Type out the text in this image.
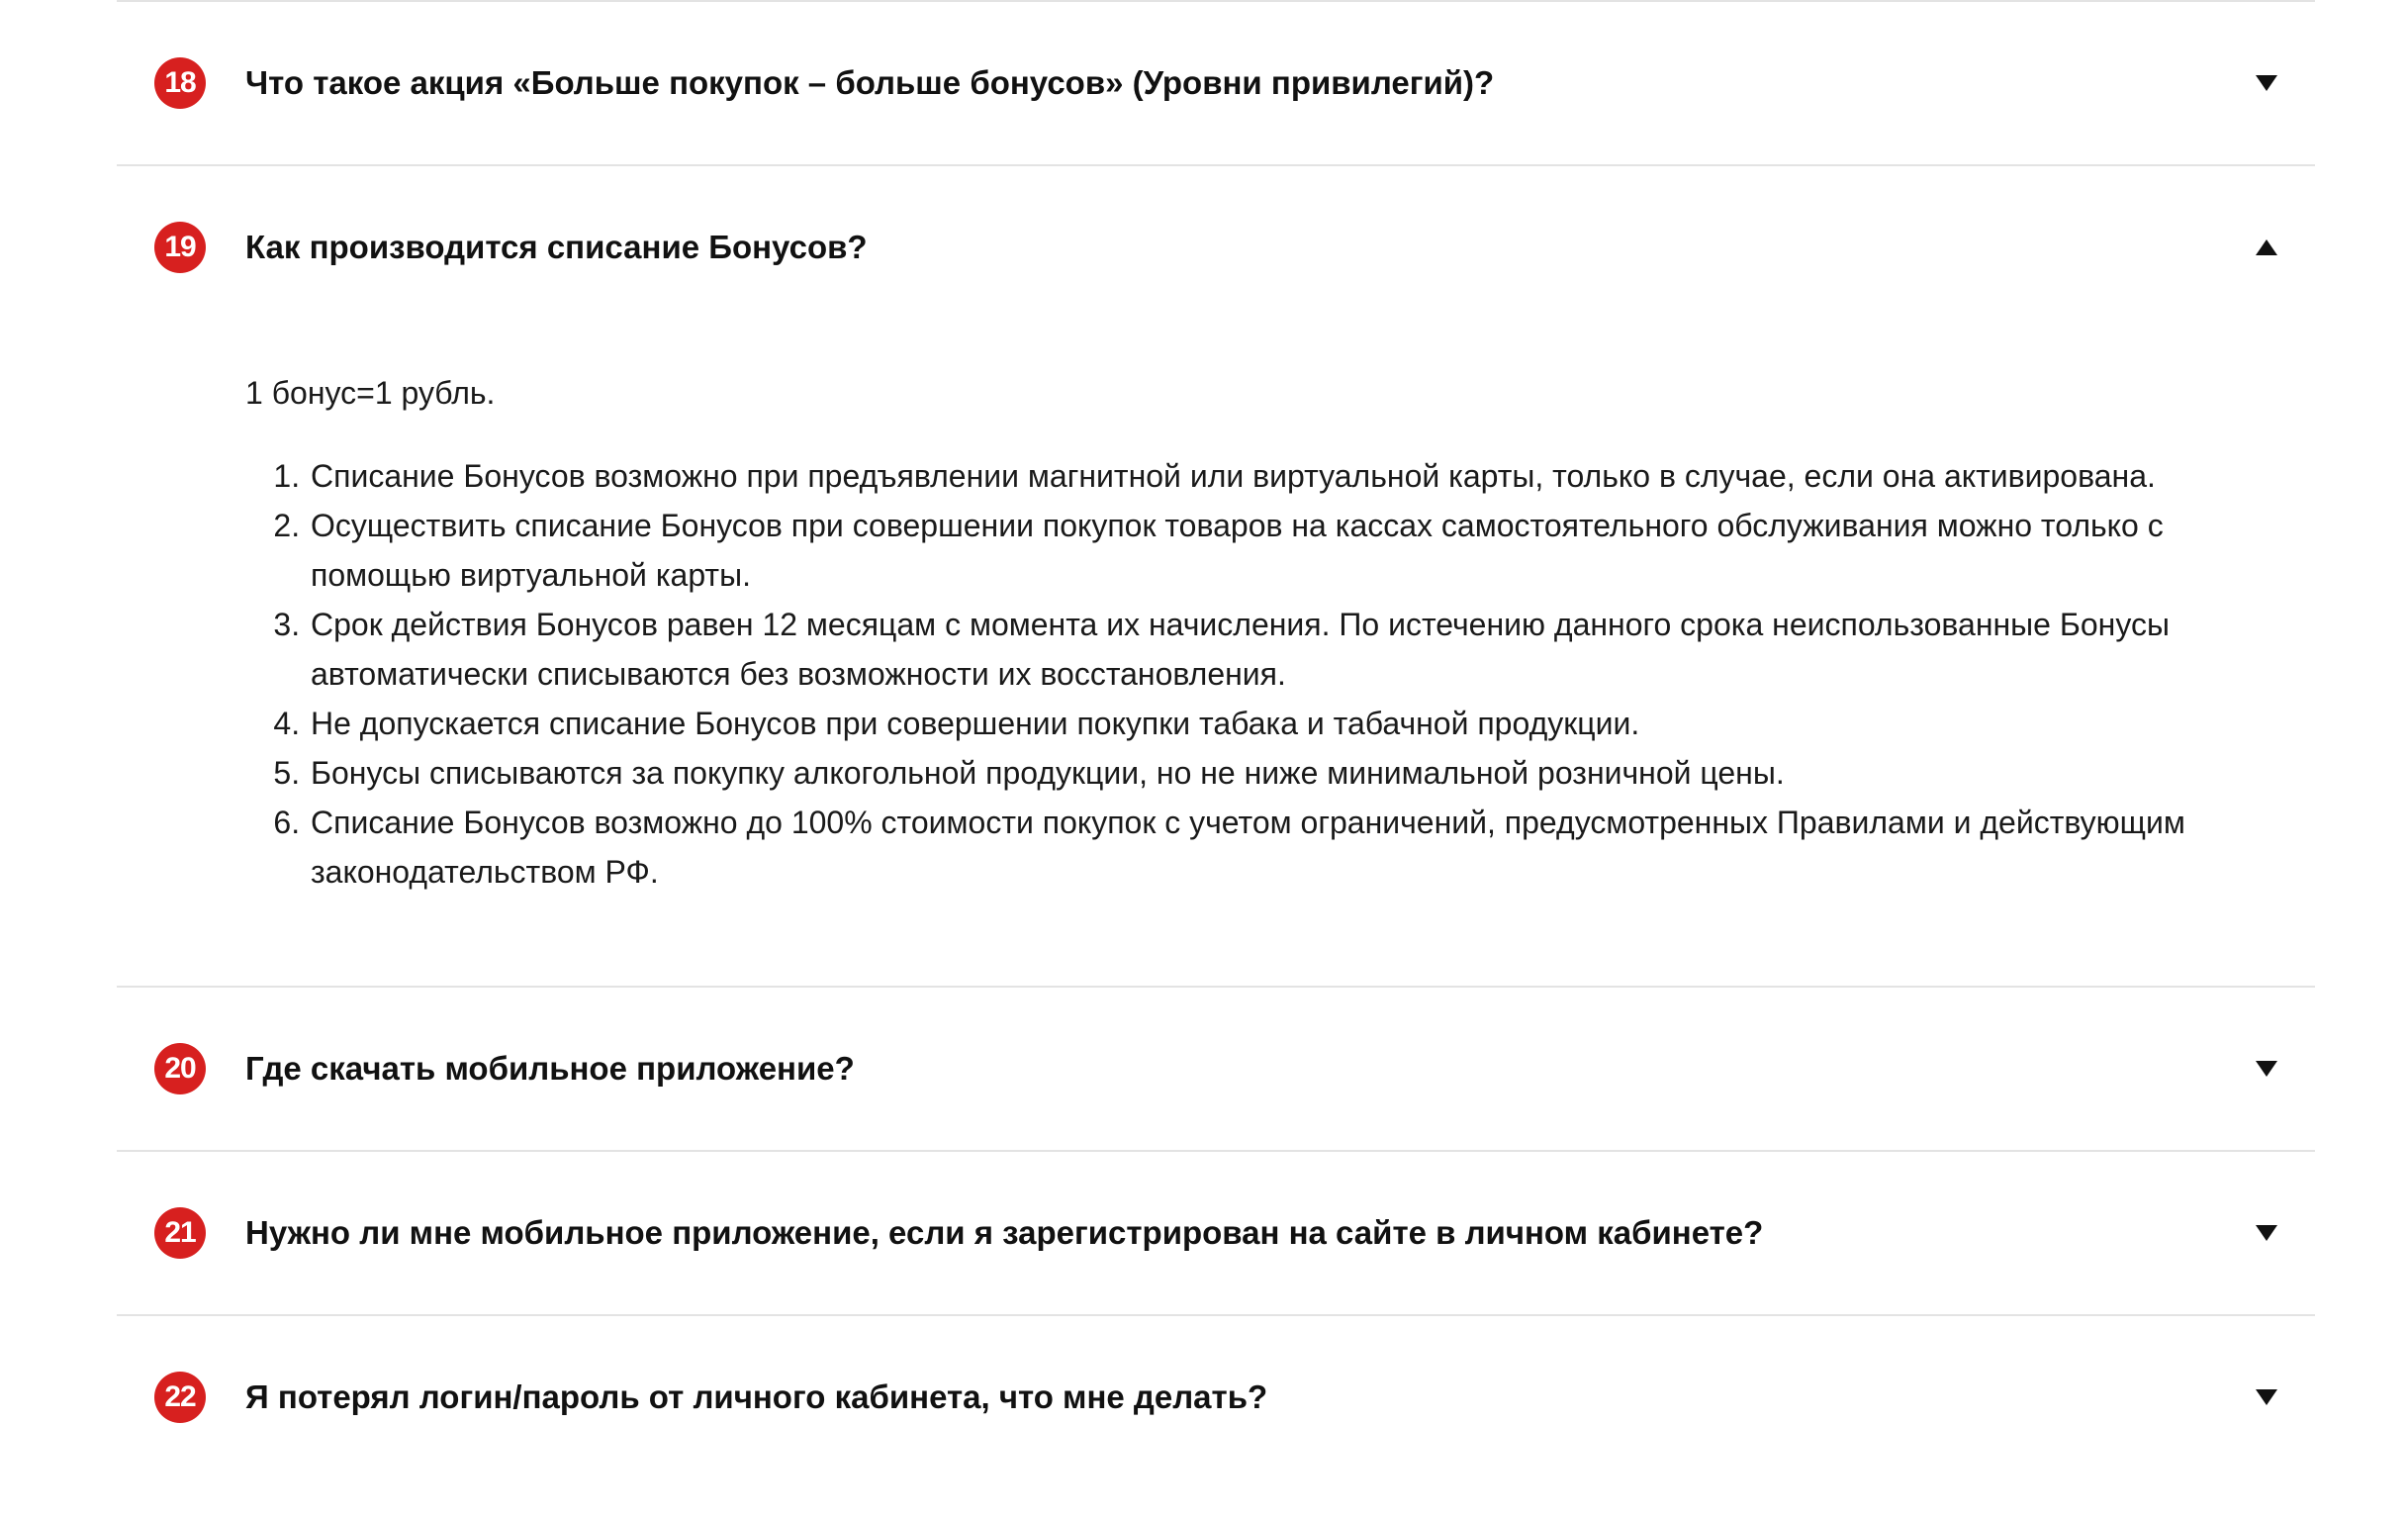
18	Что такое акция «Больше покупок – больше бонусов» (Уровни привилегий)?
19	Как производится списание Бонусов?

1 бонус=1 рубль.

1. Списание Бонусов возможно при предъявлении магнитной или виртуальной карты, только в случае, если она активирована.
2. Осуществить списание Бонусов при совершении покупок товаров на кассах самостоятельного обслуживания можно только с помощью виртуальной карты.
3. Срок действия Бонусов равен 12 месяцам с момента их начисления. По истечению данного срока неиспользованные Бонусы автоматически списываются без возможности их восстановления.
4. Не допускается списание Бонусов при совершении покупки табака и табачной продукции.
5. Бонусы списываются за покупку алкогольной продукции, но не ниже минимальной розничной цены.
6. Списание Бонусов возможно до 100% стоимости покупок с учетом ограничений, предусмотренных Правилами и действующим законодательством РФ.
20	Где скачать мобильное приложение?
21	Нужно ли мне мобильное приложение, если я зарегистрирован на сайте в личном кабинете?
22	Я потерял логин/пароль от личного кабинета, что мне делать?
